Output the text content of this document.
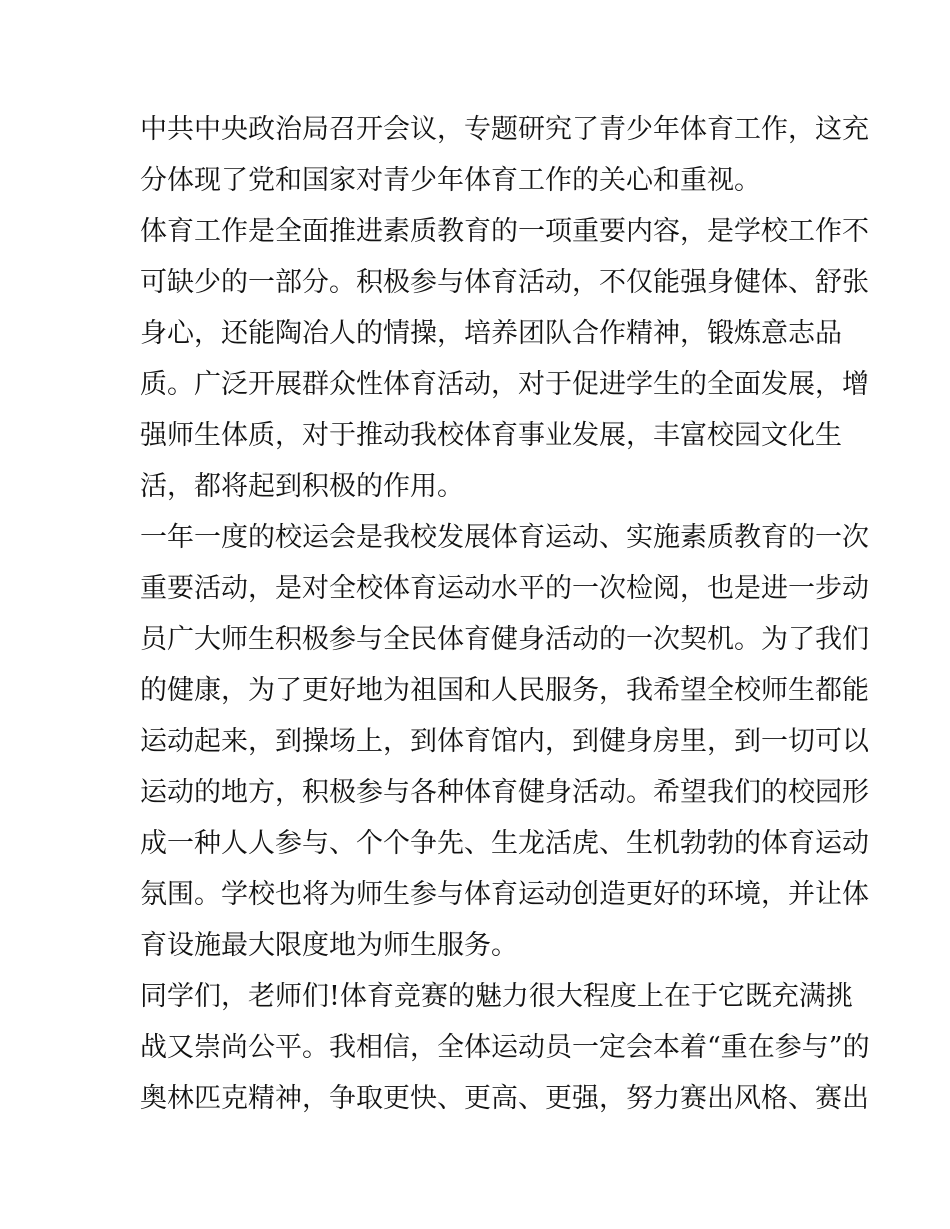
中共中央政治局召开会议，专题研究了青少年体育工作，这充
分体现了党和国家对青少年体育工作的关心和重视。
体育工作是全面推进素质教育的一项重要内容，是学校工作不
可缺少的一部分。积极参与体育活动，不仅能强身健体、舒张
身心，还能陶冶人的情操，培养团队合作精神，锻炼意志品
质。广泛开展群众性体育活动，对于促进学生的全面发展，增
强师生体质，对于推动我校体育事业发展，丰富校园文化生
活，都将起到积极的作用。
一年一度的校运会是我校发展体育运动、实施素质教育的一次
重要活动，是对全校体育运动水平的一次检阅，也是进一步动
员广大师生积极参与全民体育健身活动的一次契机。为了我们
的健康，为了更好地为祖国和人民服务，我希望全校师生都能
运动起来，到操场上，到体育馆内，到健身房里，到一切可以
运动的地方，积极参与各种体育健身活动。希望我们的校园形
成一种人人参与、个个争先、生龙活虎、生机勃勃的体育运动
氛围。学校也将为师生参与体育运动创造更好的环境，并让体
育设施最大限度地为师生服务。
同学们，老师们!体育竞赛的魅力很大程度上在于它既充满挑
战又崇尚公平。我相信，全体运动员一定会本着“重在参与”的
奥林匹克精神，争取更快、更高、更强，努力赛出风格、赛出
